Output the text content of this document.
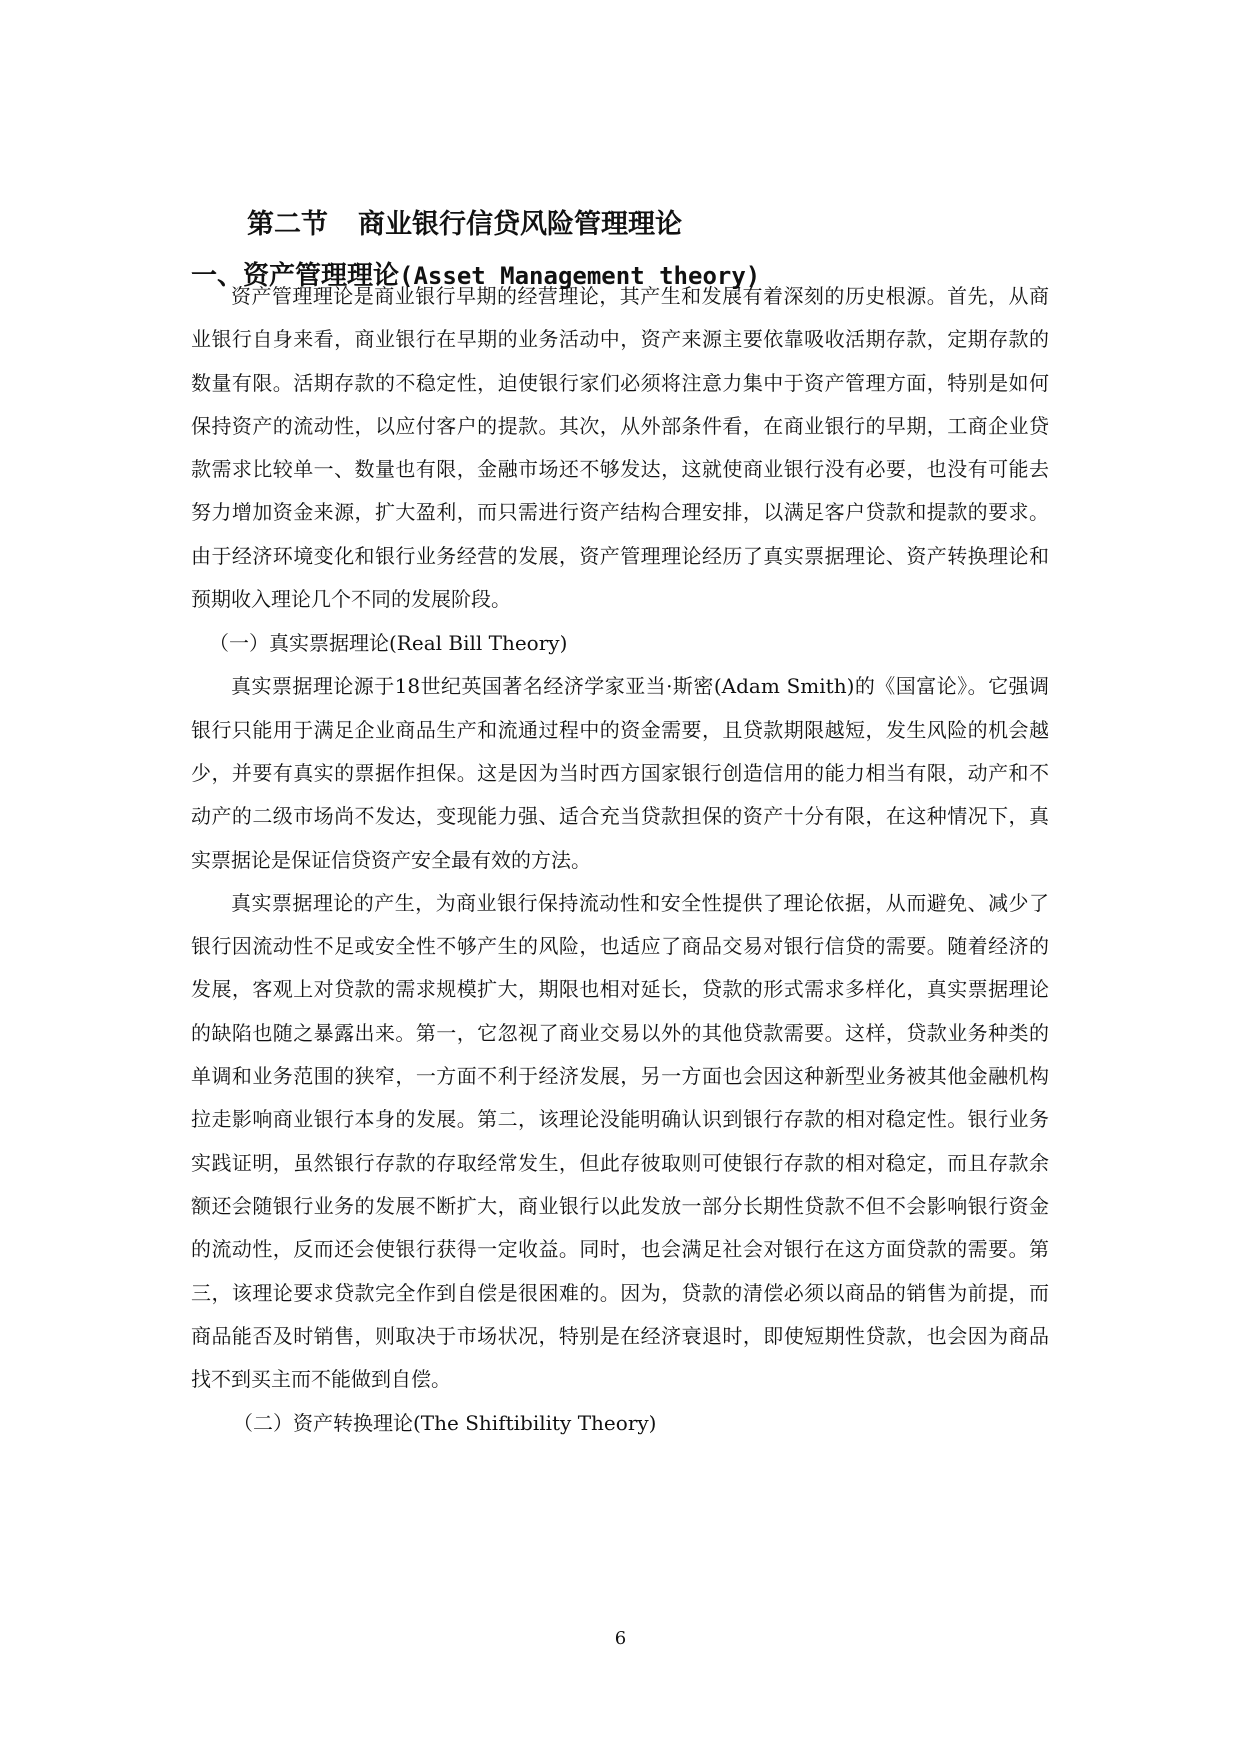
第二节 商业银行信贷风险管理理论
一、资产管理理论(Asset Management theory)

资产管理理论是商业银行早期的经营理论，其产生和发展有着深刻的历史根源。首先，从商业银行自身来看，商业银行在早期的业务活动中，资产来源主要依靠吸收活期存款，定期存款的数量有限。活期存款的不稳定性，迫使银行家们必须将注意力集中于资产管理方面，特别是如何保持资产的流动性，以应付客户的提款。其次，从外部条件看，在商业银行的早期，工商企业贷款需求比较单一、数量也有限，金融市场还不够发达，这就使商业银行没有必要，也没有可能去努力增加资金来源，扩大盈利，而只需进行资产结构合理安排，以满足客户贷款和提款的要求。由于经济环境变化和银行业务经营的发展，资产管理理论经历了真实票据理论、资产转换理论和预期收入理论几个不同的发展阶段。

（一）真实票据理论(Real Bill Theory)

真实票据理论源于18世纪英国著名经济学家亚当·斯密(Adam Smith)的《国富论》。它强调银行只能用于满足企业商品生产和流通过程中的资金需要，且贷款期限越短，发生风险的机会越少，并要有真实的票据作担保。这是因为当时西方国家银行创造信用的能力相当有限，动产和不动产的二级市场尚不发达，变现能力强、适合充当贷款担保的资产十分有限，在这种情况下，真实票据论是保证信贷资产安全最有效的方法。

真实票据理论的产生，为商业银行保持流动性和安全性提供了理论依据，从而避免、减少了银行因流动性不足或安全性不够产生的风险，也适应了商品交易对银行信贷的需要。随着经济的发展，客观上对贷款的需求规模扩大，期限也相对延长，贷款的形式需求多样化，真实票据理论的缺陷也随之暴露出来。第一，它忽视了商业交易以外的其他贷款需要。这样，贷款业务种类的单调和业务范围的狭窄，一方面不利于经济发展，另一方面也会因这种新型业务被其他金融机构拉走影响商业银行本身的发展。第二，该理论没能明确认识到银行存款的相对稳定性。银行业务实践证明，虽然银行存款的存取经常发生，但此存彼取则可使银行存款的相对稳定，而且存款余额还会随银行业务的发展不断扩大，商业银行以此发放一部分长期性贷款不但不会影响银行资金的流动性，反而还会使银行获得一定收益。同时，也会满足社会对银行在这方面贷款的需要。第三，该理论要求贷款完全作到自偿是很困难的。因为，贷款的清偿必须以商品的销售为前提，而商品能否及时销售，则取决于市场状况，特别是在经济衰退时，即使短期性贷款，也会因为商品找不到买主而不能做到自偿。

（二）资产转换理论(The Shiftibility Theory)

6
